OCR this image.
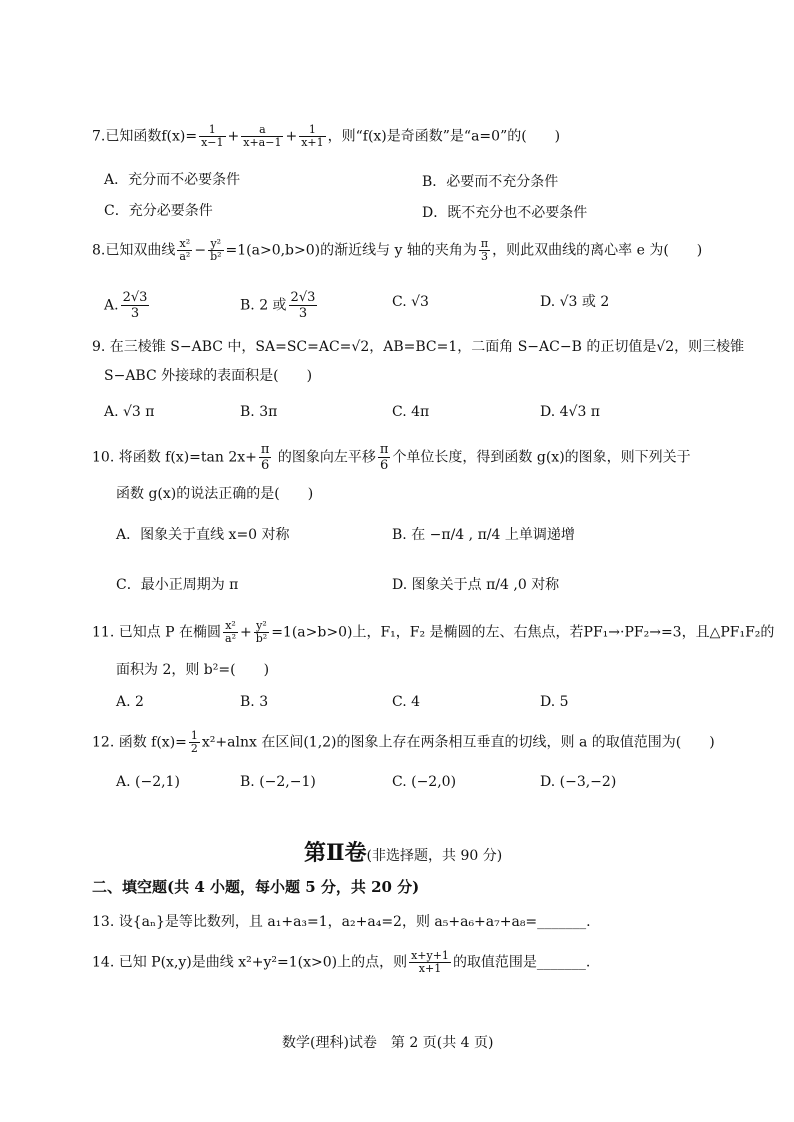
7.已知函数$f(x)= \frac{1}{x-1} + \frac{a}{x+a-1} + \frac{1}{x+1}$ ，则“f(x)是奇函数”是“a=0”的(　　)
A．充分而不必要条件	B．必要而不充分条件
C．充分必要条件	D．既不充分也不必要条件
8.已知双曲线 $\frac{\text{x²}}{\text{a²}} - \frac{\text{y²}}{\text{b²}} =1(a>0,b>0)$的渐近线与 y 轴的夹角为 $\frac{\pi}{3}$ ，则此双曲线的离心率 e 为(　　)
A. $\frac{2√3}{3}$	B. 2 或 $\frac{2√3}{3}$	C. √3	D. √3 或 2
9. 在三棱锥 S−ABC 中，SA=SC=AC=√2，AB=BC=1，二面角 S−AC−B 的正切值是√2，则三棱锥
S−ABC 外接球的表面积是(　　)
A. √3 π	B. 3π	C. 4π	D. 4√3 π
10. 将函数 f(x)=tan $2x+ \frac{\pi}{6}$ 的图象向左平移 $\frac{\pi}{6}$ 个单位长度，得到函数 g(x)的图象，则下列关于
函数 g(x)的说法正确的是(　　)
A．图象关于直线 x=0 对称	B. 在 −π/4 , π/4 上单调递增
C．最小正周期为 π	D. 图象关于点 π/4 ,0 对称
11. 已知点 P 在椭圆 $\frac{\text{x²}}{\text{a²}} + \frac{\text{y²}}{\text{b²}} =1(a>b>0)$上，F₁，F₂ 是椭圆的左、右焦点，若PF₁→·PF₂→=3，且△PF₁F₂的
面积为 2，则 b²=(　　)
A. 2	B. 3	C. 4	D. 5
12. 函数 $f(x)= \frac{1}{2} x^2+alnx$ 在区间(1,2)的图象上存在两条相互垂直的切线，则 a 的取值范围为(　　)
A. (−2,1)	B. (−2,−1)	C. (−2,0)	D. (−3,−2)
第Ⅱ卷(非选择题，共 90 分)
二、填空题(共 4 小题，每小题 5 分，共 20 分)
13. 设{aₙ}是等比数列，且 a₁+a₃=1，a₂+a₄=2，则 a₅+a₆+a₇+a₈=_______.
14. 已知 P(x,y)是曲线 x²+y²=1(x>0)上的点，则 $\frac{x+y+1}{x+1}$ 的取值范围是_______.
数学(理科)试卷　第 2 页(共 4 页)
